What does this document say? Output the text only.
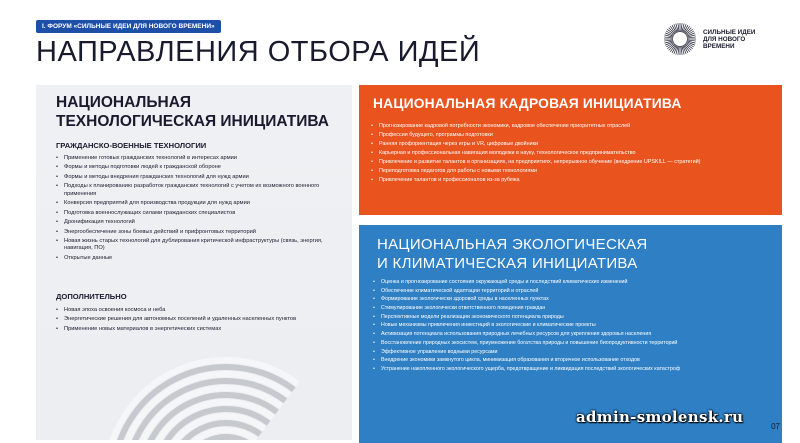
I. ФОРУМ «СИЛЬНЫЕ ИДЕИ ДЛЯ НОВОГО ВРЕМЕНИ»
НАПРАВЛЕНИЯ ОТБОРА ИДЕЙ
СИЛЬНЫЕ ИДЕИ
ДЛЯ НОВОГО
ВРЕМЕНИ
НАЦИОНАЛЬНАЯ
ТЕХНОЛОГИЧЕСКАЯ ИНИЦИАТИВА
ГРАЖДАНСКО-ВОЕННЫЕ ТЕХНОЛОГИИ
• Применение готовых гражданских технологий в интересах армии
• Формы и методы подготовки людей к гражданской обороне
• Формы и методы внедрения гражданских технологий для нужд армии
• Подходы к планированию разработок гражданских технологий с учетом их возможного военного применения
• Конверсия предприятий для производства продукции для нужд армии
• Подготовка военнослужащих силами гражданских специалистов
• Дронификация технологий
• Энергообеспечение зоны боевых действий и прифронтовых территорий
• Новая жизнь старых технологий для дублирования критической инфраструктуры (связь, энергия, навигация, ПО)
• Открытые данные
ДОПОЛНИТЕЛЬНО
• Новая эпоха освоения космоса и неба
• Энергетические решения для автономных поселений и удаленных населенных пунктов
• Применение новых материалов в энергетических системах
НАЦИОНАЛЬНАЯ КАДРОВАЯ ИНИЦИАТИВА
• Прогнозирование кадровой потребности экономики, кадровое обеспечение приоритетных отраслей
• Профессии будущего, программы подготовки
• Ранняя профориентация через игры и VR, цифровые двойники
• Карьерная и профессиональная навигация молодежи в науку, технологическое предпринимательство
• Привлечение и развитие талантов в организациях, на предприятиях, непрерывное обучение (внедрение UPSKILL — стратегий)
• Переподготовка педагогов для работы с новыми технологиями
• Привлечение талантов и профессионалов из-за рубежа
НАЦИОНАЛЬНАЯ ЭКОЛОГИЧЕСКАЯ
И КЛИМАТИЧЕСКАЯ ИНИЦИАТИВА
• Оценка и прогнозирование состояния окружающей среды и последствий климатических изменений
• Обеспечение климатической адаптации территорий и отраслей
• Формирование экологически здоровой среды в населенных пунктах
• Стимулирование экологически ответственного поведения граждан
• Перспективные модели реализации экономического потенциала природы
• Новые механизмы привлечения инвестиций в экологические и климатические проекты
• Активизация потенциала использования природных лечебных ресурсов для укрепления здоровья населения
• Восстановление природных экосистем, приумножение богатства природы и повышение биопродуктивности территорий
• Эффективное управление водными ресурсами
• Внедрение экономики замкнутого цикла, минимизация образования и вторичное использование отходов
• Устранение накопленного экологического ущерба, предотвращение и ликвидация последствий экологических катастроф
07
admin-smolensk.ru
